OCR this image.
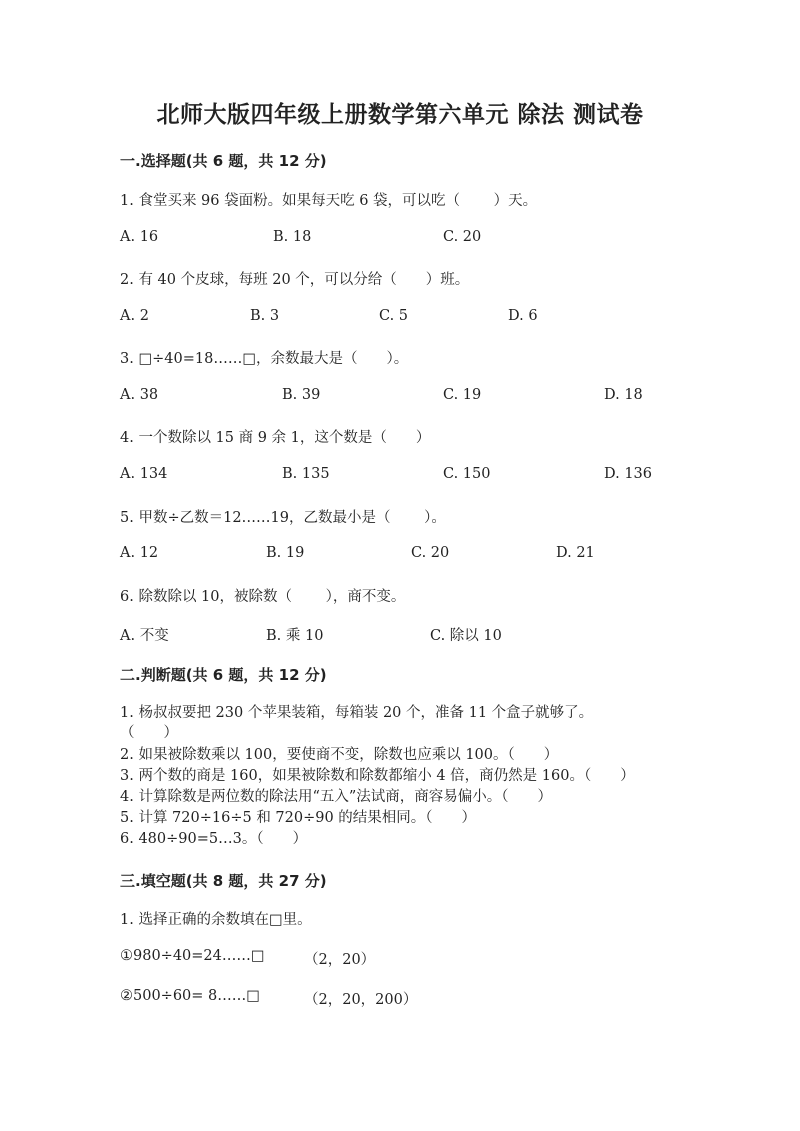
北师大版四年级上册数学第六单元 除法 测试卷
一.选择题(共 6 题，共 12 分)
1. 食堂买来 96 袋面粉。如果每天吃 6 袋，可以吃（　　 ）天。
A. 16	B. 18	C. 20
2. 有 40 个皮球，每班 20 个，可以分给（　　）班。
A. 2	B. 3	C. 5	D. 6
3. □÷40=18……□，余数最大是（　　）。
A. 38	B. 39	C. 19	D. 18
4. 一个数除以 15 商 9 余 1，这个数是（　　）
A. 134	B. 135	C. 150	D. 136
5. 甲数÷乙数＝12……19，乙数最小是（　　 ）。
A. 12	B. 19	C. 20	D. 21
6. 除数除以 10，被除数（　　 ），商不变。
A. 不变	B. 乘 10	C. 除以 10
二.判断题(共 6 题，共 12 分)
1. 杨叔叔要把 230 个苹果装箱，每箱装 20 个，准备 11 个盒子就够了。
（　　）
2. 如果被除数乘以 100，要使商不变，除数也应乘以 100。（　　）
3. 两个数的商是 160，如果被除数和除数都缩小 4 倍，商仍然是 160。（　　）
4. 计算除数是两位数的除法用“五入”法试商，商容易偏小。（　　）
5. 计算 720÷16÷5 和 720÷90 的结果相同。（　　）
6. 480÷90=5…3。（　　）
三.填空题(共 8 题，共 27 分)
1. 选择正确的余数填在□里。
①980÷40=24……□	（2，20）
②500÷60= 8……□	（2，20，200）
